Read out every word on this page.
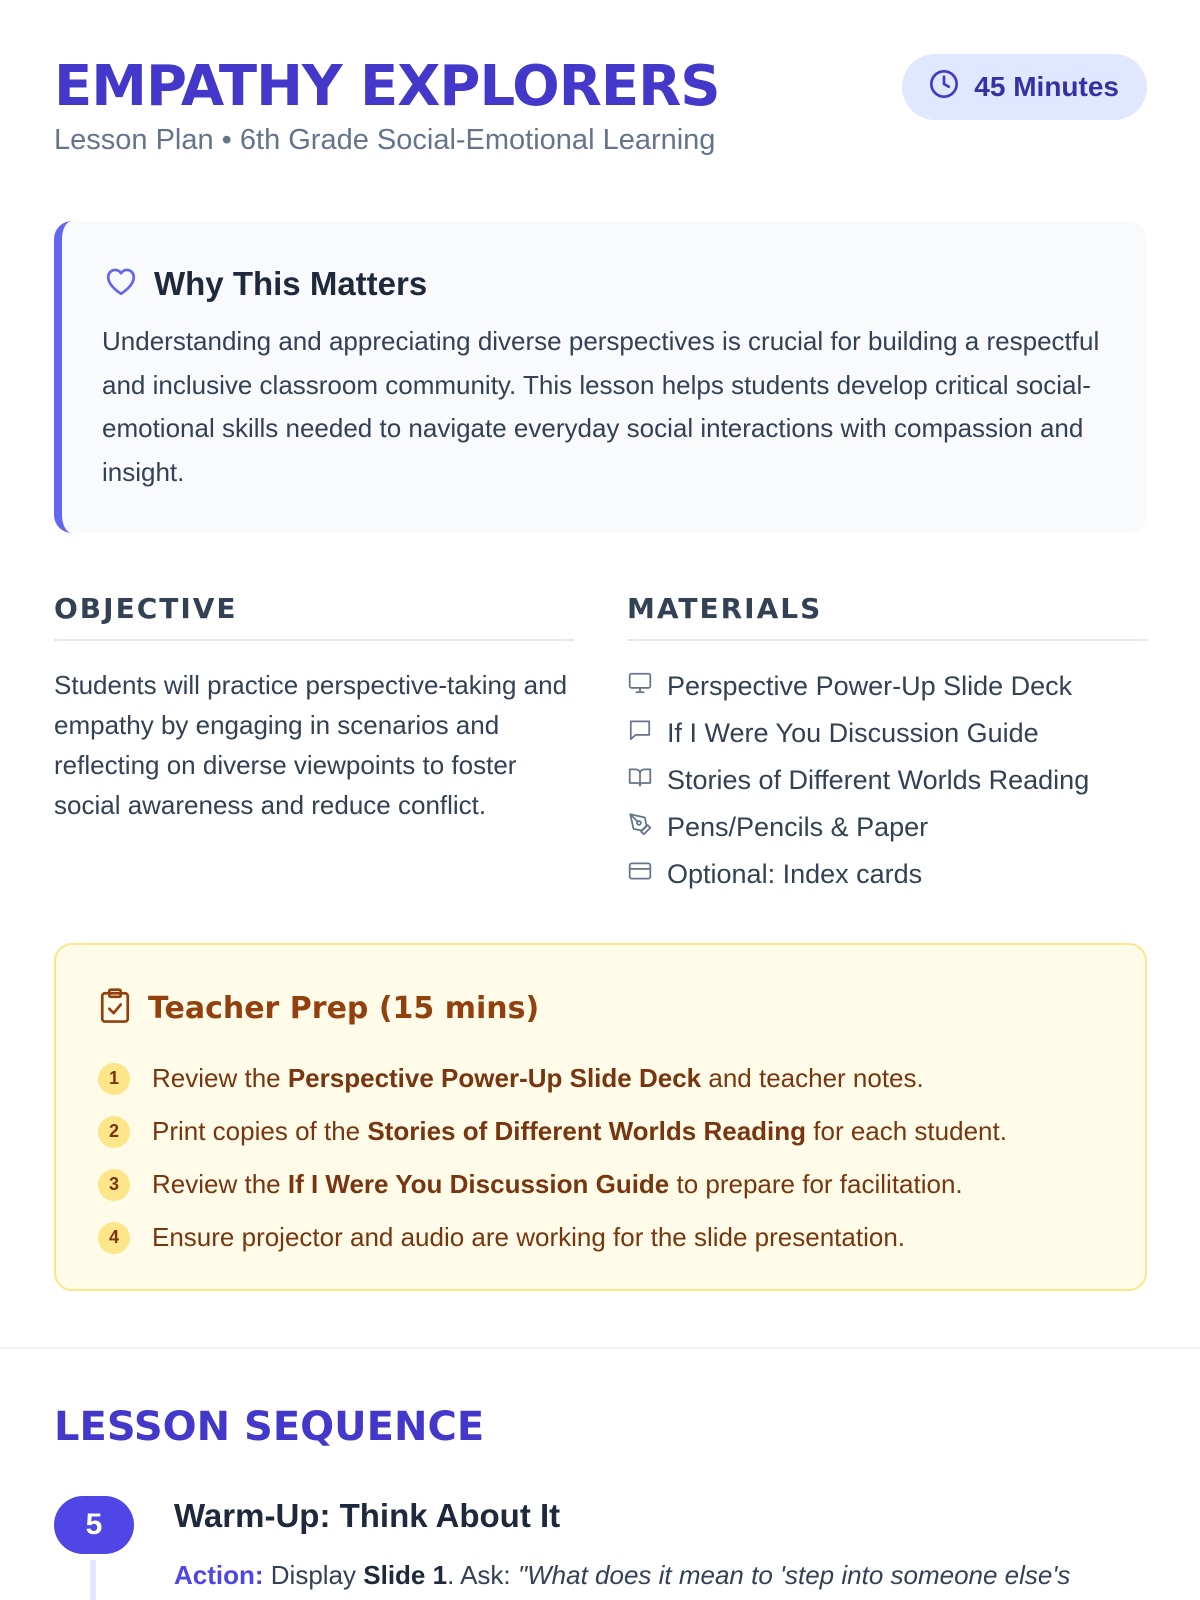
EMPATHY EXPLORERS
Lesson Plan • 6th Grade Social-Emotional Learning
45 Minutes
Why This Matters

Understanding and appreciating diverse perspectives is crucial for building a respectful and inclusive classroom community. This lesson helps students develop critical social-emotional skills needed to navigate everyday social interactions with compassion and insight.

OBJECTIVE

Students will practice perspective-taking and empathy by engaging in scenarios and reflecting on diverse viewpoints to foster social awareness and reduce conflict.

MATERIALS
Perspective Power-Up Slide Deck
If I Were You Discussion Guide
Stories of Different Worlds Reading
Pens/Pencils & Paper
Optional: Index cards
Teacher Prep (15 mins)
1	Review the Perspective Power-Up Slide Deck and teacher notes.
2	Print copies of the Stories of Different Worlds Reading for each student.
3	Review the If I Were You Discussion Guide to prepare for facilitation.
4	Ensure projector and audio are working for the slide presentation.
LESSON SEQUENCE
5	Warm-Up: Think About It
Action: Display Slide 1. Ask: "What does it mean to 'step into someone else's
